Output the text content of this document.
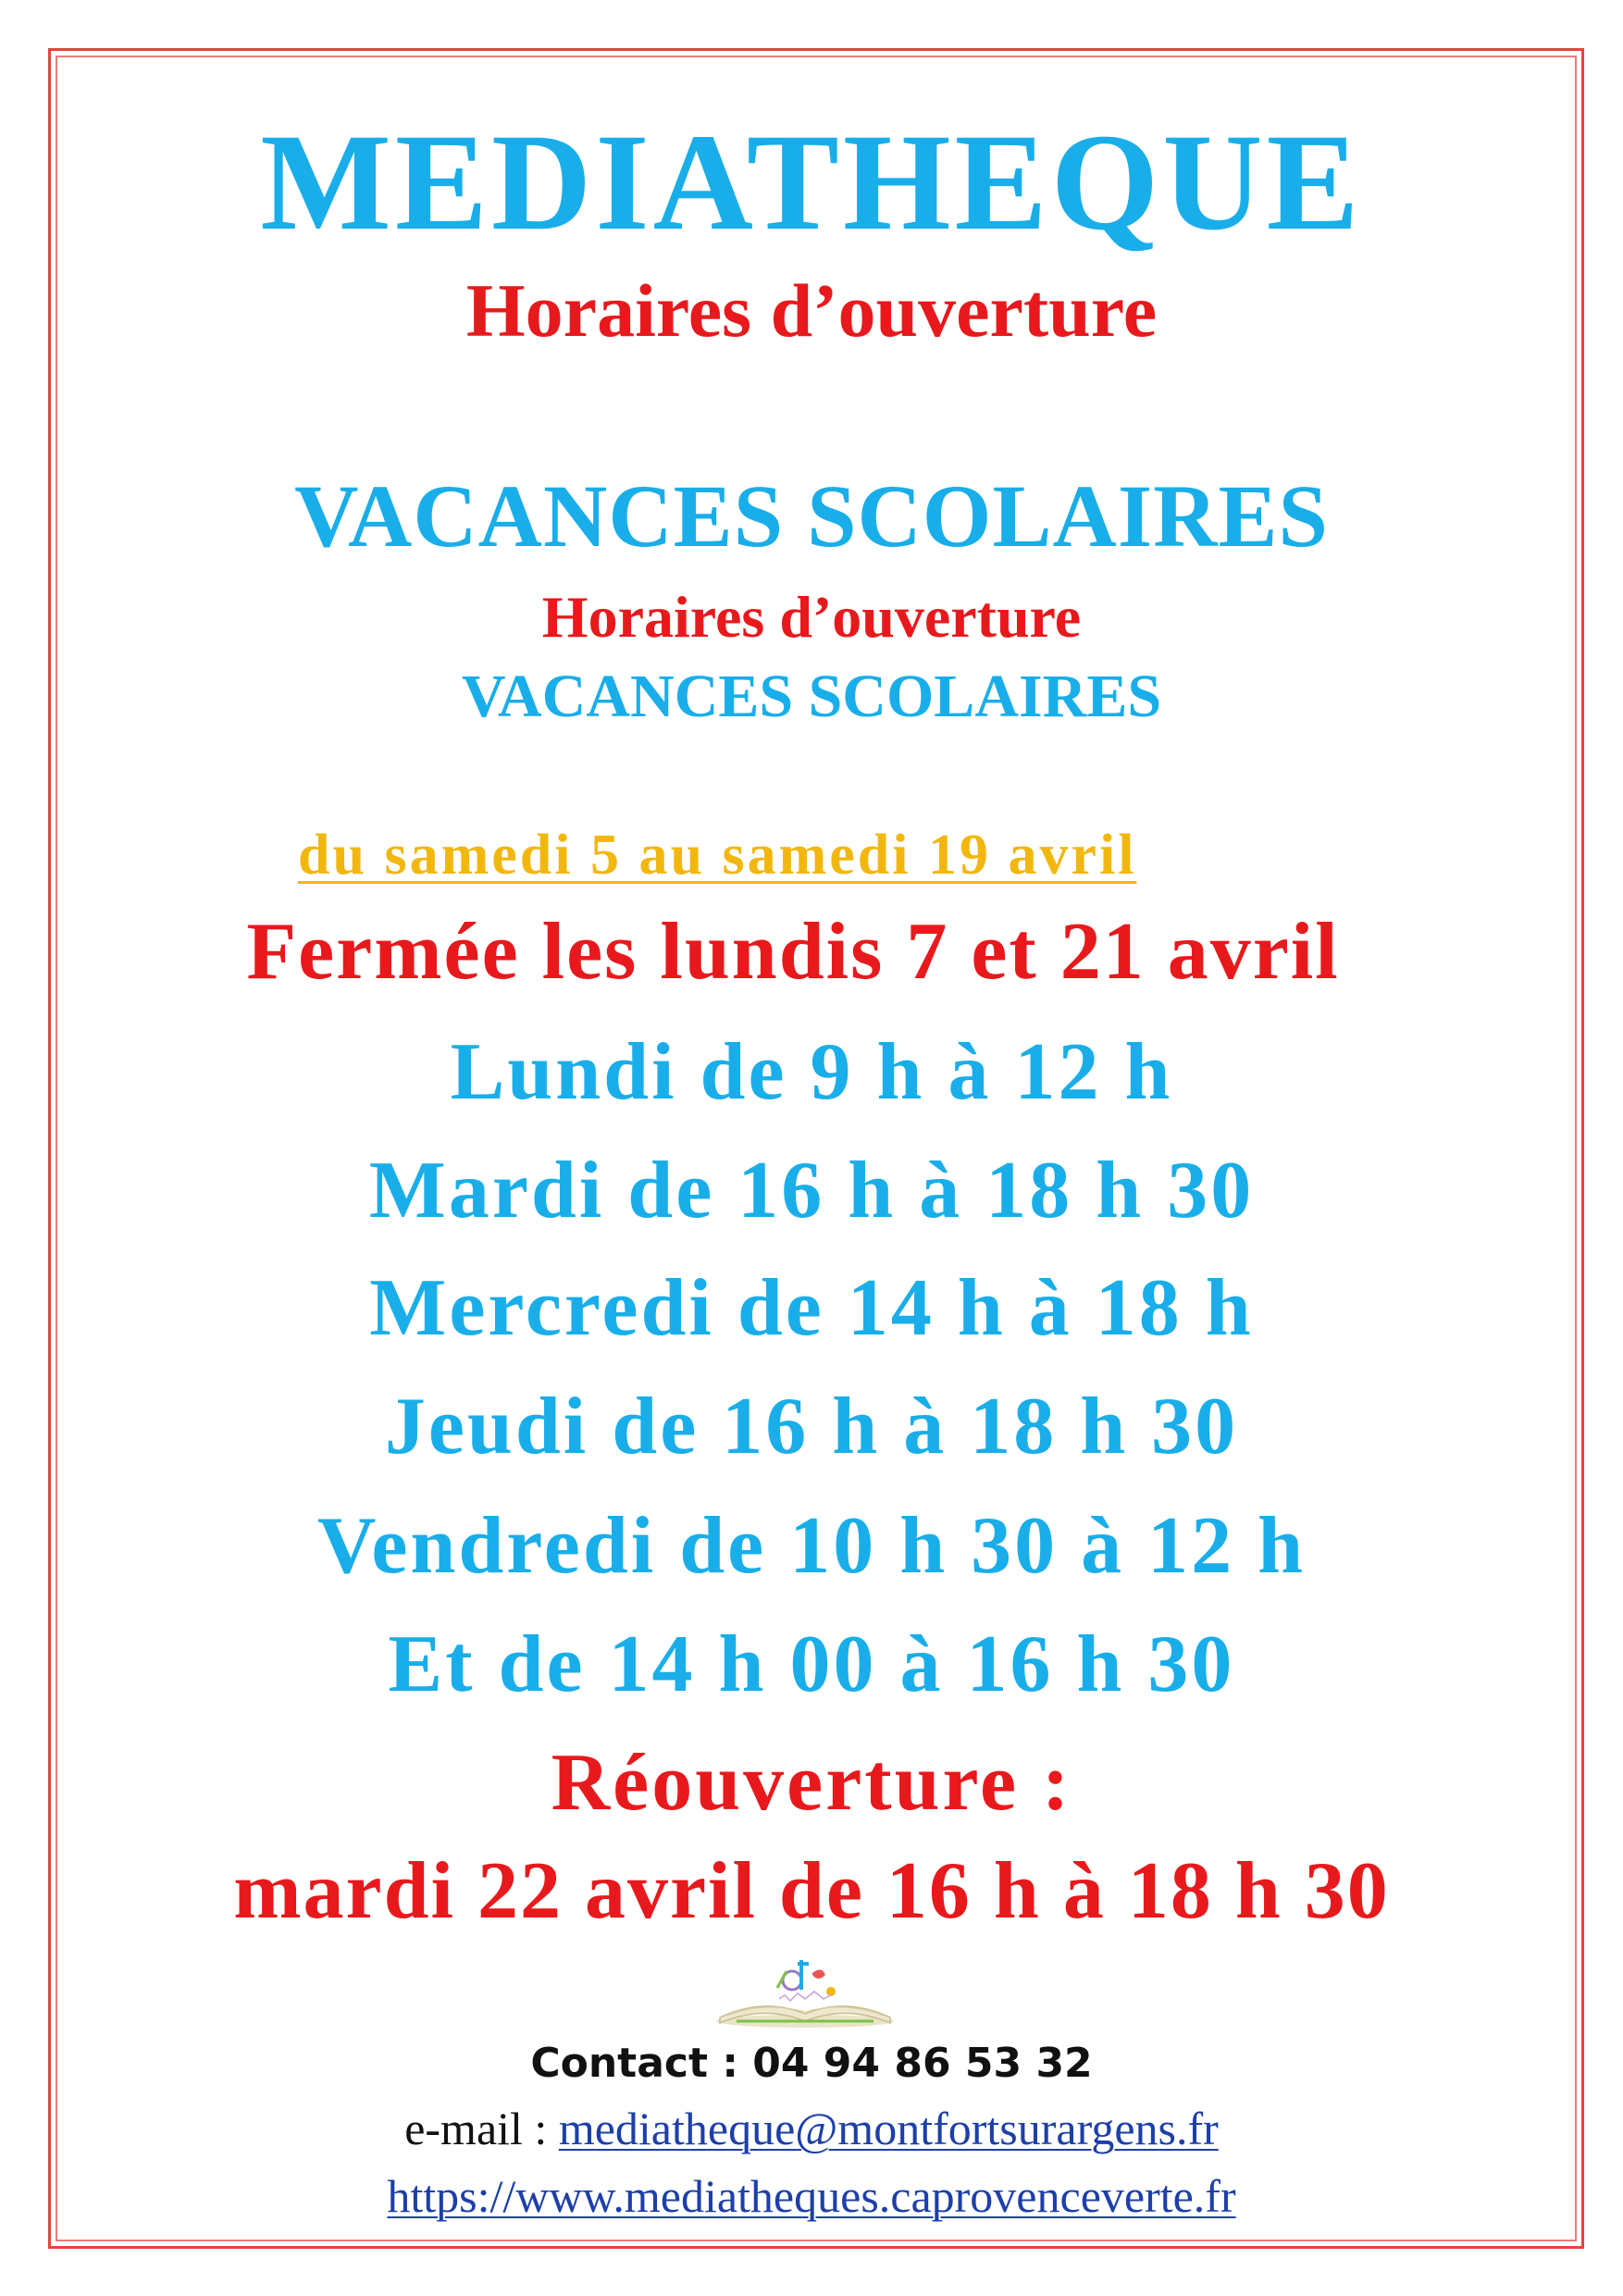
MEDIATHEQUE
Horaires d’ouverture
VACANCES SCOLAIRES
Horaires d’ouverture
VACANCES SCOLAIRES
du samedi 5 au samedi 19 avril
Fermée les lundis 7 et 21 avril
Lundi de 9 h à 12 h
Mardi de 16 h à 18 h 30
Mercredi de 14 h à 18 h
Jeudi de 16 h à 18 h 30
Vendredi de 10 h 30 à 12 h
Et de 14 h 00 à 16 h 30
Réouverture :
mardi 22 avril de 16 h à 18 h 30
Contact : 04 94 86 53 32
e-mail : mediatheque@montfortsurargens.fr
https://www.mediatheques.caprovenceverte.fr
